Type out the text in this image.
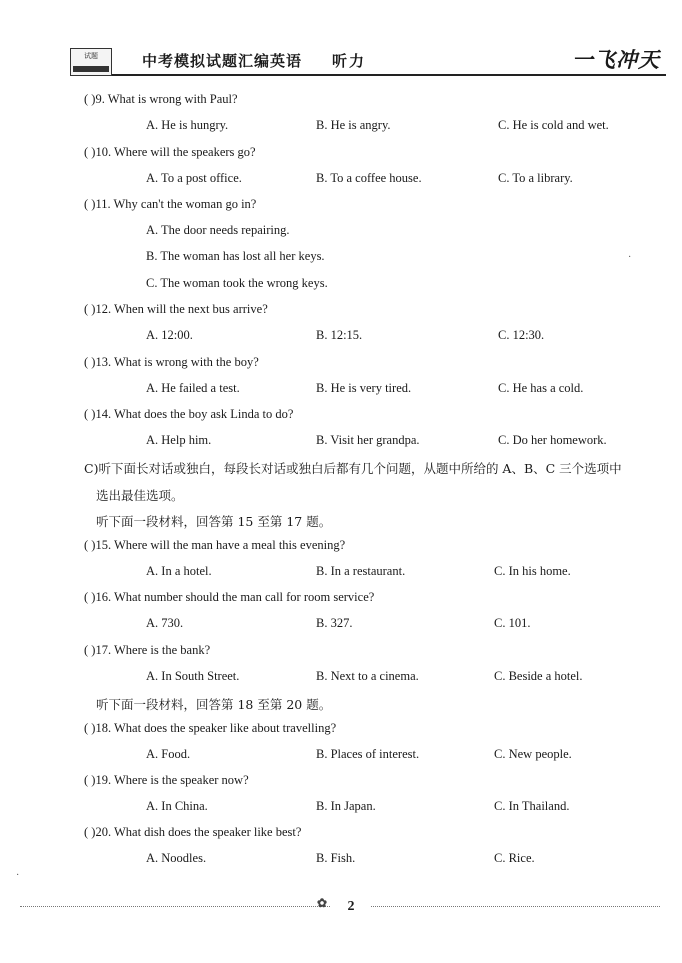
试题	中考模拟试题汇编英语 听力	一飞冲天
( )9. What is wrong with Paul?
A. He is hungry.	B. He is angry.	C. He is cold and wet.
( )10. Where will the speakers go?
A. To a post office.	B. To a coffee house.	C. To a library.
( )11. Why can't the woman go in?
A. The door needs repairing.
B. The woman has lost all her keys.
C. The woman took the wrong keys.
( )12. When will the next bus arrive?
A. 12:00.	B. 12:15.	C. 12:30.
( )13. What is wrong with the boy?
A. He failed a test.	B. He is very tired.	C. He has a cold.
( )14. What does the boy ask Linda to do?
A. Help him.	B. Visit her grandpa.	C. Do her homework.
C)听下面长对话或独白，每段长对话或独白后都有几个问题，从题中所给的 A、B、C 三个选项中
选出最佳选项。
听下面一段材料，回答第 15 至第 17 题。
( )15. Where will the man have a meal this evening?
A. In a hotel.	B. In a restaurant.	C. In his home.
( )16. What number should the man call for room service?
A. 730.	B. 327.	C. 101.
( )17. Where is the bank?
A. In South Street.	B. Next to a cinema.	C. Beside a hotel.
听下面一段材料，回答第 18 至第 20 题。
( )18. What does the speaker like about travelling?
A. Food.	B. Places of interest.	C. New people.
( )19. Where is the speaker now?
A. In China.	B. In Japan.	C. In Thailand.
( )20. What dish does the speaker like best?
A. Noodles.	B. Fish.	C. Rice.
✿ 2
·
·
